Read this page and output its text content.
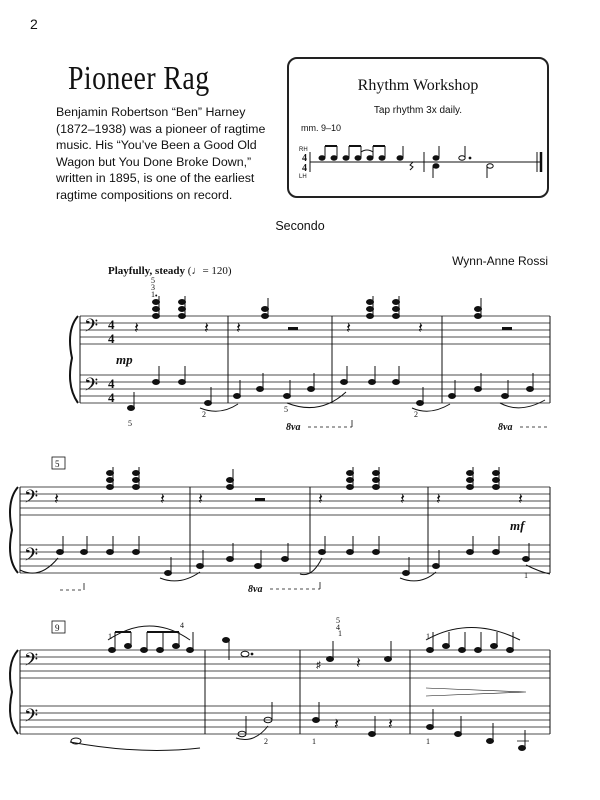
2
Pioneer Rag
Benjamin Robertson “Ben” Harney (1872–1938) was a pioneer of ragtime music. His “You’ve Been a Good Old Wagon but You Done Broke Down,” written in 1895, is one of the earliest ragtime compositions on record.
Rhythm Workshop
Tap rhythm 3x daily.
mm. 9–10
Secondo
Wynn-Anne Rossi
Playfully, steady (♩= 120)
RH
LH
4
4
𝄢
𝄢
4
4
4
4
•
𝄽	𝄽
𝄽
𝄽
𝄽
5
3
1
mp
5
2
5
2
8va	8va
5
𝄢
𝄢
𝄽	𝄽 𝄽	𝄽	𝄽 𝄽	𝄽
mf
8va
1
9
𝄢
𝄢
♯ 𝄽
1
4
1	1
𝄽	𝄽
2	1	1
5
4
